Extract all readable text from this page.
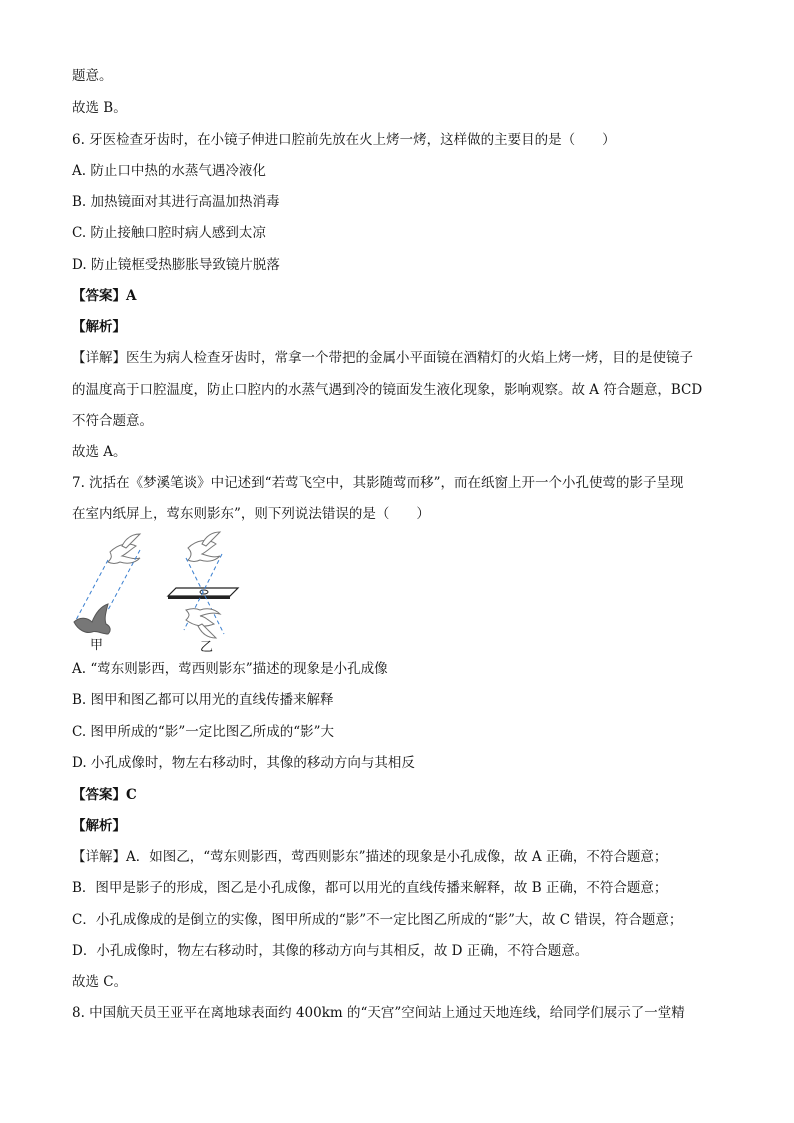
题意。
故选 B。
6. 牙医检查牙齿时，在小镜子伸进口腔前先放在火上烤一烤，这样做的主要目的是（　　）
A. 防止口中热的水蒸气遇冷液化
B. 加热镜面对其进行高温加热消毒
C. 防止接触口腔时病人感到太凉
D. 防止镜框受热膨胀导致镜片脱落
【答案】A
【解析】
【详解】医生为病人检查牙齿时，常拿一个带把的金属小平面镜在酒精灯的火焰上烤一烤，目的是使镜子
的温度高于口腔温度，防止口腔内的水蒸气遇到冷的镜面发生液化现象，影响观察。故 A 符合题意，BCD
不符合题意。
故选 A。
7. 沈括在《梦溪笔谈》中记述到“若莺飞空中，其影随莺而移”，而在纸窗上开一个小孔使莺的影子呈现
在室内纸屏上，莺东则影东”，则下列说法错误的是（　　）
甲	乙
A. “莺东则影西，莺西则影东”描述的现象是小孔成像
B. 图甲和图乙都可以用光的直线传播来解释
C. 图甲所成的“影”一定比图乙所成的“影”大
D. 小孔成像时，物左右移动时，其像的移动方向与其相反
【答案】C
【解析】
【详解】A．如图乙，“莺东则影西，莺西则影东”描述的现象是小孔成像，故 A 正确，不符合题意；
B．图甲是影子的形成，图乙是小孔成像，都可以用光的直线传播来解释，故 B 正确，不符合题意；
C．小孔成像成的是倒立的实像，图甲所成的“影”不一定比图乙所成的“影”大，故 C 错误，符合题意；
D．小孔成像时，物左右移动时，其像的移动方向与其相反，故 D 正确，不符合题意。
故选 C。
8. 中国航天员王亚平在离地球表面约 400km 的“天宫”空间站上通过天地连线，给同学们展示了一堂精
